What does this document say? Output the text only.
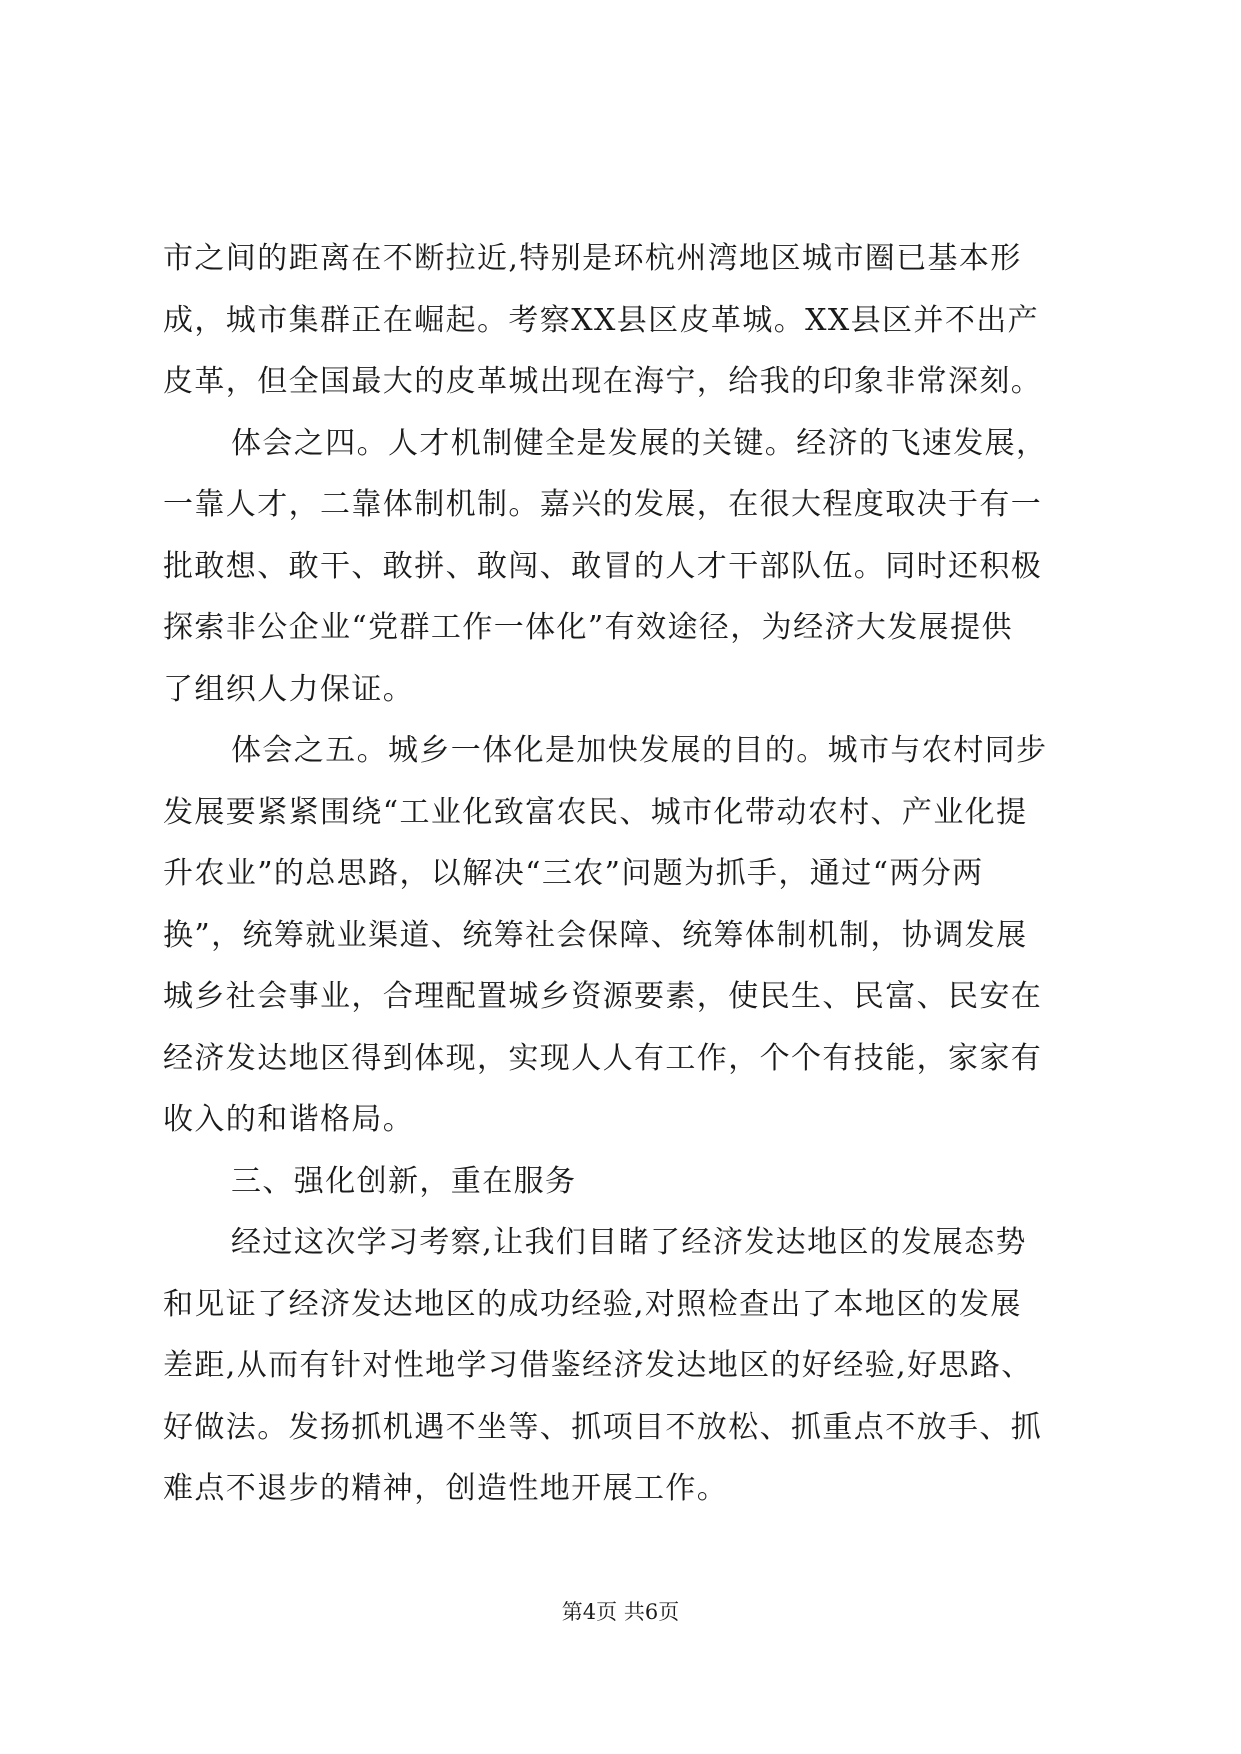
市之间的距离在不断拉近,特别是环杭州湾地区城市圈已基本形
成，城市集群正在崛起。考察XX县区皮革城。XX县区并不出产
皮革，但全国最大的皮革城出现在海宁，给我的印象非常深刻。
体会之四。人才机制健全是发展的关键。经济的飞速发展，
一靠人才，二靠体制机制。嘉兴的发展，在很大程度取决于有一
批敢想、敢干、敢拼、敢闯、敢冒的人才干部队伍。同时还积极
探索非公企业“党群工作一体化”有效途径，为经济大发展提供
了组织人力保证。
体会之五。城乡一体化是加快发展的目的。城市与农村同步
发展要紧紧围绕“工业化致富农民、城市化带动农村、产业化提
升农业”的总思路，以解决“三农”问题为抓手，通过“两分两
换”，统筹就业渠道、统筹社会保障、统筹体制机制，协调发展
城乡社会事业，合理配置城乡资源要素，使民生、民富、民安在
经济发达地区得到体现，实现人人有工作，个个有技能，家家有
收入的和谐格局。
三、强化创新，重在服务
经过这次学习考察,让我们目睹了经济发达地区的发展态势
和见证了经济发达地区的成功经验,对照检查出了本地区的发展
差距,从而有针对性地学习借鉴经济发达地区的好经验,好思路、
好做法。发扬抓机遇不坐等、抓项目不放松、抓重点不放手、抓
难点不退步的精神，创造性地开展工作。
第4页 共6页
